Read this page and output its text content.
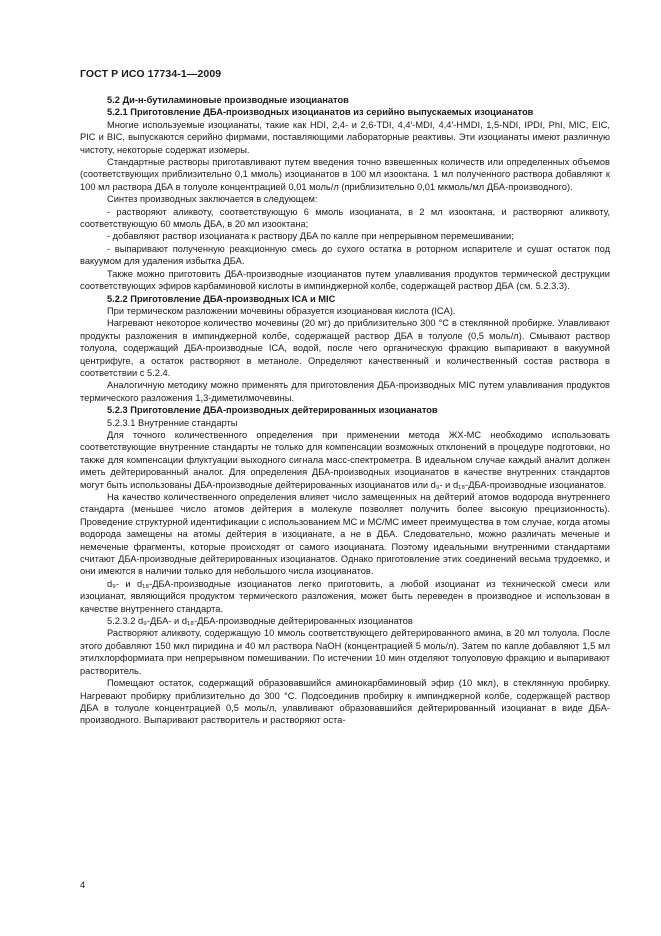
ГОСТ Р ИСО 17734-1—2009

5.2 Ди-н-бутиламиновые производные изоцианатов

5.2.1 Приготовление ДБА-производных изоцианатов из серийно выпускаемых изоцианатов

Многие используемые изоцианаты, такие как HDI, 2,4- и 2,6-TDI, 4,4′-MDI, 4,4′-HMDI, 1,5-NDI, IPDI, PhI, MIC, EIC, PIC и BIC, выпускаются серийно фирмами, поставляющими лабораторные реактивы. Эти изоцианаты имеют различную чистоту, некоторые содержат изомеры.

Стандартные растворы приготавливают путем введения точно взвешенных количеств или определенных объемов (соответствующих приблизительно 0,1 ммоль) изоцианатов в 100 мл изооктана. 1 мл полученного раствора добавляют к 100 мл раствора ДБА в толуоле концентрацией 0,01 моль/л (приблизительно 0,01 мкмоль/мл ДБА-производного).

Синтез производных заключается в следующем:

- растворяют аликвоту, соответствующую 6 ммоль изоцианата, в 2 мл изооктана, и растворяют аликвоту, соответствующую 60 ммоль ДБА, в 20 мл изооктана;

- добавляют раствор изоцианата к раствору ДБА по капле при непрерывном перемешивании;

- выпаривают полученную реакционную смесь до сухого остатка в роторном испарителе и сушат остаток под вакуумом для удаления избытка ДБА.

Также можно приготовить ДБА-производные изоцианатов путем улавливания продуктов термической деструкции соответствующих эфиров карбаминовой кислоты в импинджерной колбе, содержащей раствор ДБА (см. 5.2.3.3).

5.2.2 Приготовление ДБА-производных ICA и MIC

При термическом разложении мочевины образуется изоциановая кислота (ICA).

Нагревают некоторое количество мочевины (20 мг) до приблизительно 300 °С в стеклянной пробирке. Улавливают продукты разложения в импинджерной колбе, содержащей раствор ДБА в толуоле (0,5 моль/л). Смывают раствор толуола, содержащий ДБА-производные ICA, водой, после чего органическую фракцию выпаривают в вакуумной центрифуге, а остаток растворяют в метаноле. Определяют качественный и количественный состав раствора в соответствии с 5.2.4.

Аналогичную методику можно применять для приготовления ДБА-производных MIC путем улавливания продуктов термического разложения 1,3-диметилмочевины.

5.2.3 Приготовление ДБА-производных дейтерированных изоцианатов

5.2.3.1 Внутренние стандарты

Для точного количественного определения при применении метода ЖХ-МС необходимо использовать соответствующие внутренние стандарты не только для компенсации возможных отклонений в процедуре подготовки, но также для компенсации флуктуации выходного сигнала масс-спектрометра. В идеальном случае каждый аналит должен иметь дейтерированный аналог. Для определения ДБА-производных изоцианатов в качестве внутренних стандартов могут быть использованы ДБА-производные дейтерированных изоцианатов или d₉- и d₁₈-ДБА-производные изоцианатов.

На качество количественного определения влияет число замещенных на дейтерий атомов водорода внутреннего стандарта (меньшее число атомов дейтерия в молекуле позволяет получить более высокую прецизионность). Проведение структурной идентификации с использованием МС и МС/МС имеет преимущества в том случае, когда атомы водорода замещены на атомы дейтерия в изоцианате, а не в ДБА. Следовательно, можно различать меченые и немеченые фрагменты, которые происходят от самого изоцианата. Поэтому идеальными внутренними стандартами считают ДБА-производные дейтерированных изоцианатов. Однако приготовление этих соединений весьма трудоемко, и они имеются в наличии только для небольшого числа изоцианатов.

d₉- и d₁₈-ДБА-производные изоцианатов легко приготовить, а любой изоцианат из технической смеси или изоцианат, являющийся продуктом термического разложения, может быть переведен в производное и использован в качестве внутреннего стандарта.

5.2.3.2 d₉-ДБА- и d₁₈-ДБА-производные дейтерированных изоцианатов

Растворяют аликвоту, содержащую 10 ммоль соответствующего дейтерированного амина, в 20 мл толуола. После этого добавляют 150 мкл пиридина и 40 мл раствора NaOH (концентрацией 5 моль/л). Затем по капле добавляют 1,5 мл этилхлорформиата при непрерывном помешивании. По истечении 10 мин отделяют толуоловую фракцию и выпаривают растворитель.

Помещают остаток, содержащий образовавшийся аминокарбаминовый эфир (10 мкл), в стеклянную пробирку. Нагревают пробирку приблизительно до 300 °С. Подсоединив пробирку к импинджерной колбе, содержащей раствор ДБА в толуоле концентрацией 0,5 моль/л, улавливают образовавшийся дейтерированный изоцианат в виде ДБА-производного. Выпаривают растворитель и растворяют оста-

4
